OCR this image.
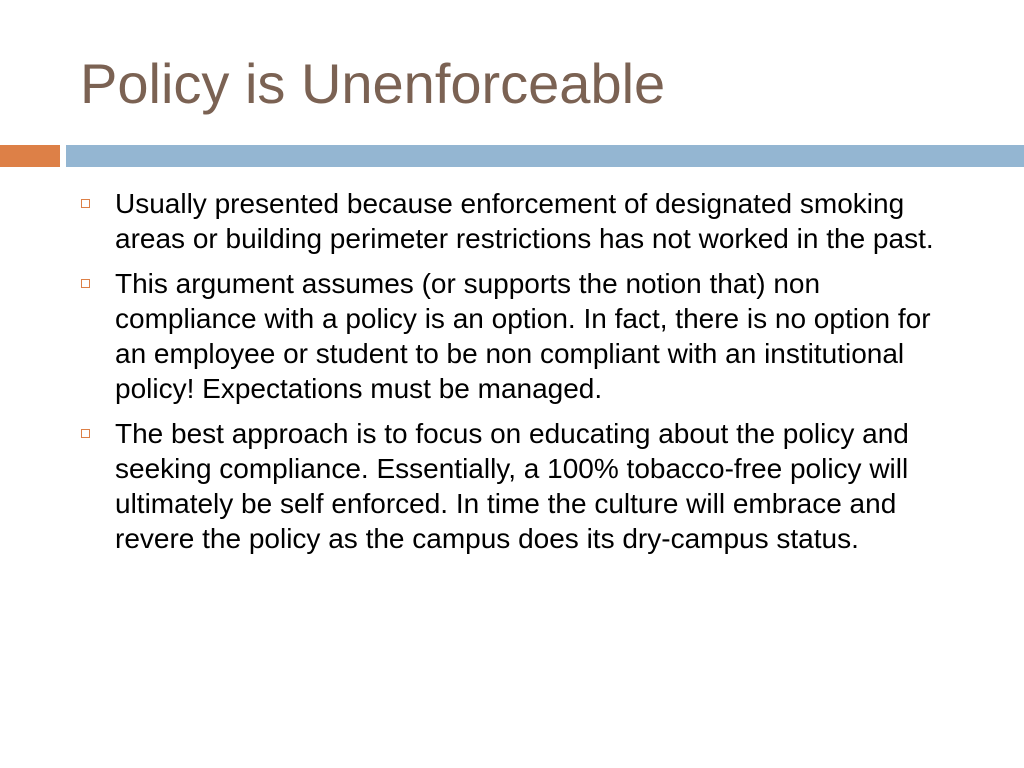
Policy is Unenforceable
Usually presented because enforcement of designated smoking areas or building perimeter restrictions has not worked in the past.
This argument assumes (or supports the notion that) non compliance with a policy is an option. In fact, there is no option for an employee or student to be non compliant with an institutional policy! Expectations must be managed.
The best approach is to focus on educating about the policy and seeking compliance. Essentially, a 100% tobacco-free policy will ultimately be self enforced. In time the culture will embrace and revere the policy as the campus does its dry-campus status.
